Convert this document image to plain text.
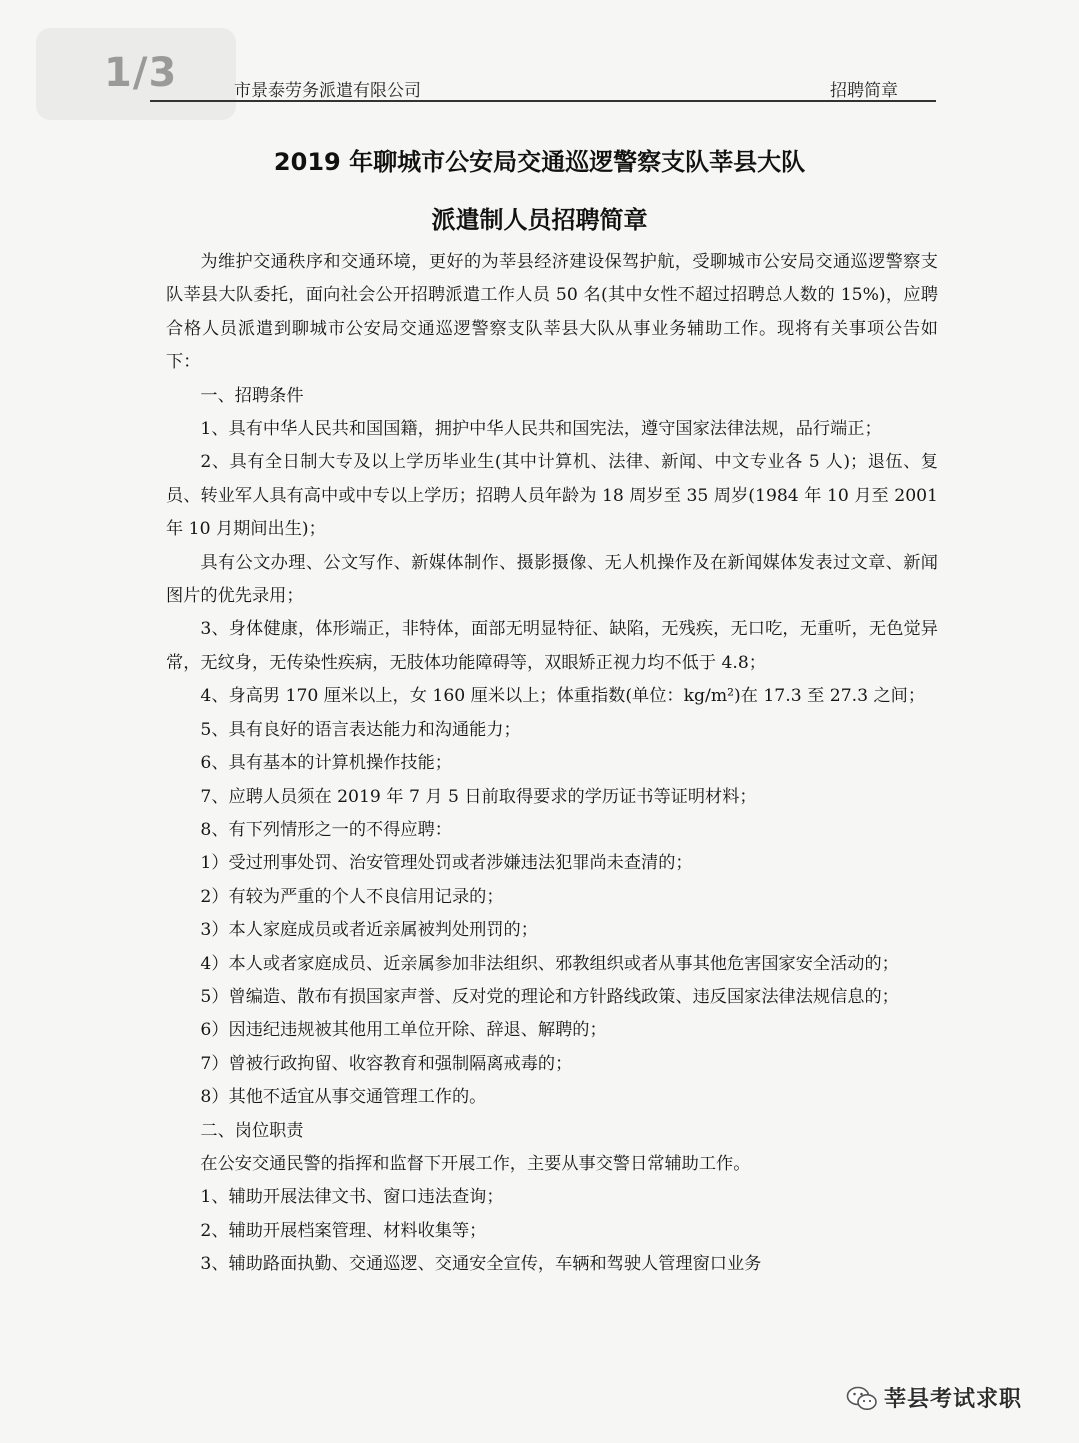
1/3	市景泰劳务派遣有限公司	招聘简章
2019 年聊城市公安局交通巡逻警察支队莘县大队
派遣制人员招聘简章

为维护交通秩序和交通环境，更好的为莘县经济建设保驾护航，受聊城市公安局交通巡逻警察支队莘县大队委托，面向社会公开招聘派遣工作人员 50 名(其中女性不超过招聘总人数的 15%)，应聘合格人员派遣到聊城市公安局交通巡逻警察支队莘县大队从事业务辅助工作。现将有关事项公告如下：

一、招聘条件

1、具有中华人民共和国国籍，拥护中华人民共和国宪法，遵守国家法律法规，品行端正；

2、具有全日制大专及以上学历毕业生(其中计算机、法律、新闻、中文专业各 5 人)；退伍、复员、转业军人具有高中或中专以上学历；招聘人员年龄为 18 周岁至 35 周岁(1984 年 10 月至 2001 年 10 月期间出生)；

具有公文办理、公文写作、新媒体制作、摄影摄像、无人机操作及在新闻媒体发表过文章、新闻图片的优先录用；

3、身体健康，体形端正，非特体，面部无明显特征、缺陷，无残疾，无口吃，无重听，无色觉异常，无纹身，无传染性疾病，无肢体功能障碍等，双眼矫正视力均不低于 4.8；

4、身高男 170 厘米以上，女 160 厘米以上；体重指数(单位：kg/m²)在 17.3 至 27.3 之间；

5、具有良好的语言表达能力和沟通能力；

6、具有基本的计算机操作技能；

7、应聘人员须在 2019 年 7 月 5 日前取得要求的学历证书等证明材料；

8、有下列情形之一的不得应聘：

1）受过刑事处罚、治安管理处罚或者涉嫌违法犯罪尚未查清的；

2）有较为严重的个人不良信用记录的；

3）本人家庭成员或者近亲属被判处刑罚的；

4）本人或者家庭成员、近亲属参加非法组织、邪教组织或者从事其他危害国家安全活动的；

5）曾编造、散布有损国家声誉、反对党的理论和方针路线政策、违反国家法律法规信息的；

6）因违纪违规被其他用工单位开除、辞退、解聘的；

7）曾被行政拘留、收容教育和强制隔离戒毒的；

8）其他不适宜从事交通管理工作的。

二、岗位职责

在公安交通民警的指挥和监督下开展工作，主要从事交警日常辅助工作。

1、辅助开展法律文书、窗口违法查询；

2、辅助开展档案管理、材料收集等；

3、辅助路面执勤、交通巡逻、交通安全宣传，车辆和驾驶人管理窗口业务

莘县考试求职
